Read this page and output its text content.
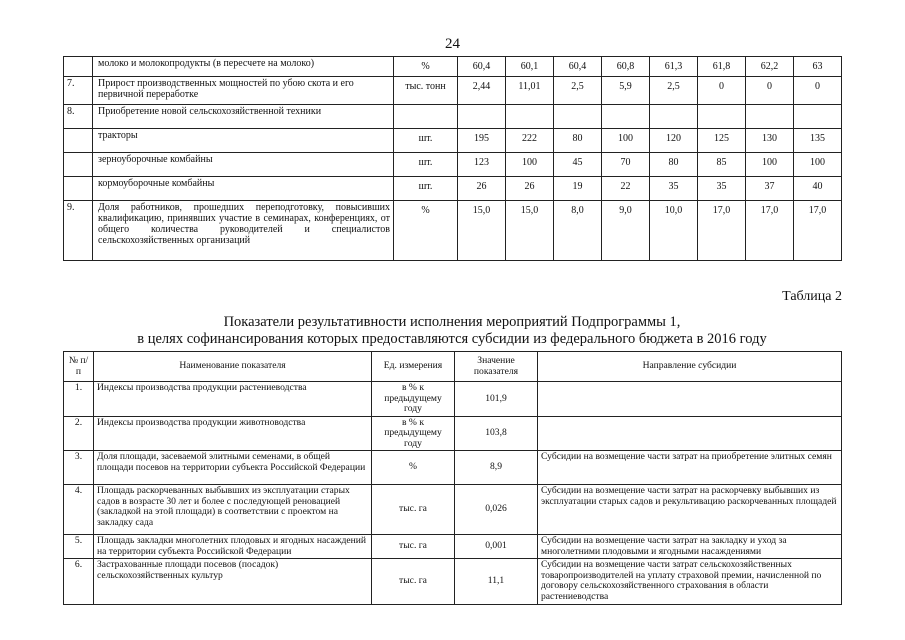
24
	молоко и молокопродукты (в пересчете на молоко)	%	60,4	60,1	60,4	60,8	61,3	61,8	62,2	63
7.	Прирост производственных мощностей по убою скота и его первичной переработке	тыс. тонн	2,44	11,01	2,5	5,9	2,5	0	0	0
8.	Приобретение новой сельскохозяйственной техники									
	тракторы	шт.	195	222	80	100	120	125	130	135
	зерноуборочные комбайны	шт.	123	100	45	70	80	85	100	100
	кормоуборочные комбайны	шт.	26	26	19	22	35	35	37	40
9.	Доля работников, прошедших переподготовку, повысивших квалификацию, принявших участие в семинарах, конференциях, от общего количества руководителей и специалистов сельскохозяйственных организаций	%	15,0	15,0	8,0	9,0	10,0	17,0	17,0	17,0
Таблица 2
Показатели результативности исполнения мероприятий Подпрограммы 1,
в целях софинансирования которых предоставляются субсидии из федерального бюджета в 2016 году
№ п/п	Наименование показателя	Ед. измерения	Значение показателя	Направление субсидии
1.	Индексы производства продукции растениеводства	в % к предыдущему году	101,9	
2.	Индексы производства продукции животноводства	в % к предыдущему году	103,8	
3.	Доля площади, засеваемой элитными семенами, в общей площади посевов на территории субъекта Российской Федерации	%	8,9	Субсидии на возмещение части затрат на приобретение элитных семян
4.	Площадь раскорчеванных выбывших из эксплуатации старых садов в возрасте 30 лет и более с последующей реновацией (закладкой на этой площади) в соответствии с проектом на закладку сада	тыс. га	0,026	Субсидии на возмещение части затрат на раскорчевку выбывших из эксплуатации старых садов и рекультивацию раскорчеванных площадей
5.	Площадь закладки многолетних плодовых и ягодных насаждений на территории субъекта Российской Федерации	тыс. га	0,001	Субсидии на возмещение части затрат на закладку и уход за многолетними плодовыми и ягодными насаждениями
6.	Застрахованные площади посевов (посадок) сельскохозяйственных культур	тыс. га	11,1	Субсидии на возмещение части затрат сельскохозяйственных товаропроизводителей на уплату страховой премии, начисленной по договору сельскохозяйственного страхования в области растениеводства
